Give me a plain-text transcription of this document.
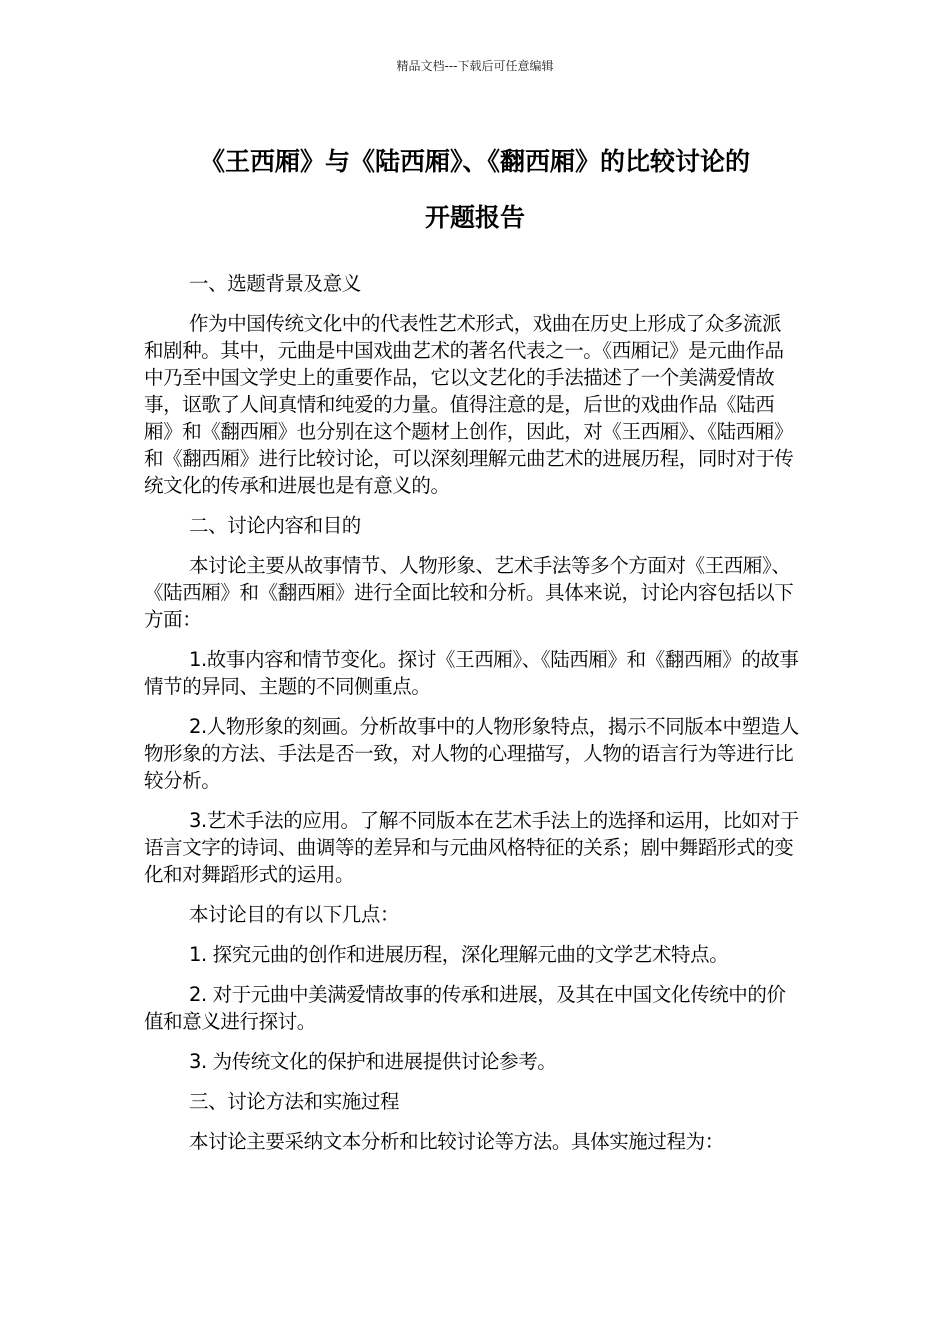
精品文档---下载后可任意编辑
《王西厢》与《陆西厢》、《翻西厢》的比较讨论的
开题报告

一、选题背景及意义

作为中国传统文化中的代表性艺术形式，戏曲在历史上形成了众多流派和剧种。其中，元曲是中国戏曲艺术的著名代表之一。《西厢记》是元曲作品中乃至中国文学史上的重要作品，它以文艺化的手法描述了一个美满爱情故事，讴歌了人间真情和纯爱的力量。值得注意的是，后世的戏曲作品《陆西厢》和《翻西厢》也分别在这个题材上创作，因此，对《王西厢》、《陆西厢》和《翻西厢》进行比较讨论，可以深刻理解元曲艺术的进展历程，同时对于传统文化的传承和进展也是有意义的。

二、讨论内容和目的

本讨论主要从故事情节、人物形象、艺术手法等多个方面对《王西厢》、《陆西厢》和《翻西厢》进行全面比较和分析。具体来说，讨论内容包括以下方面：

1.故事内容和情节变化。探讨《王西厢》、《陆西厢》和《翻西厢》的故事情节的异同、主题的不同侧重点。

2.人物形象的刻画。分析故事中的人物形象特点，揭示不同版本中塑造人物形象的方法、手法是否一致，对人物的心理描写，人物的语言行为等进行比较分析。

3.艺术手法的应用。了解不同版本在艺术手法上的选择和运用，比如对于语言文字的诗词、曲调等的差异和与元曲风格特征的关系；剧中舞蹈形式的变化和对舞蹈形式的运用。

本讨论目的有以下几点：

1. 探究元曲的创作和进展历程，深化理解元曲的文学艺术特点。

2. 对于元曲中美满爱情故事的传承和进展，及其在中国文化传统中的价值和意义进行探讨。

3. 为传统文化的保护和进展提供讨论参考。

三、讨论方法和实施过程

本讨论主要采纳文本分析和比较讨论等方法。具体实施过程为：
